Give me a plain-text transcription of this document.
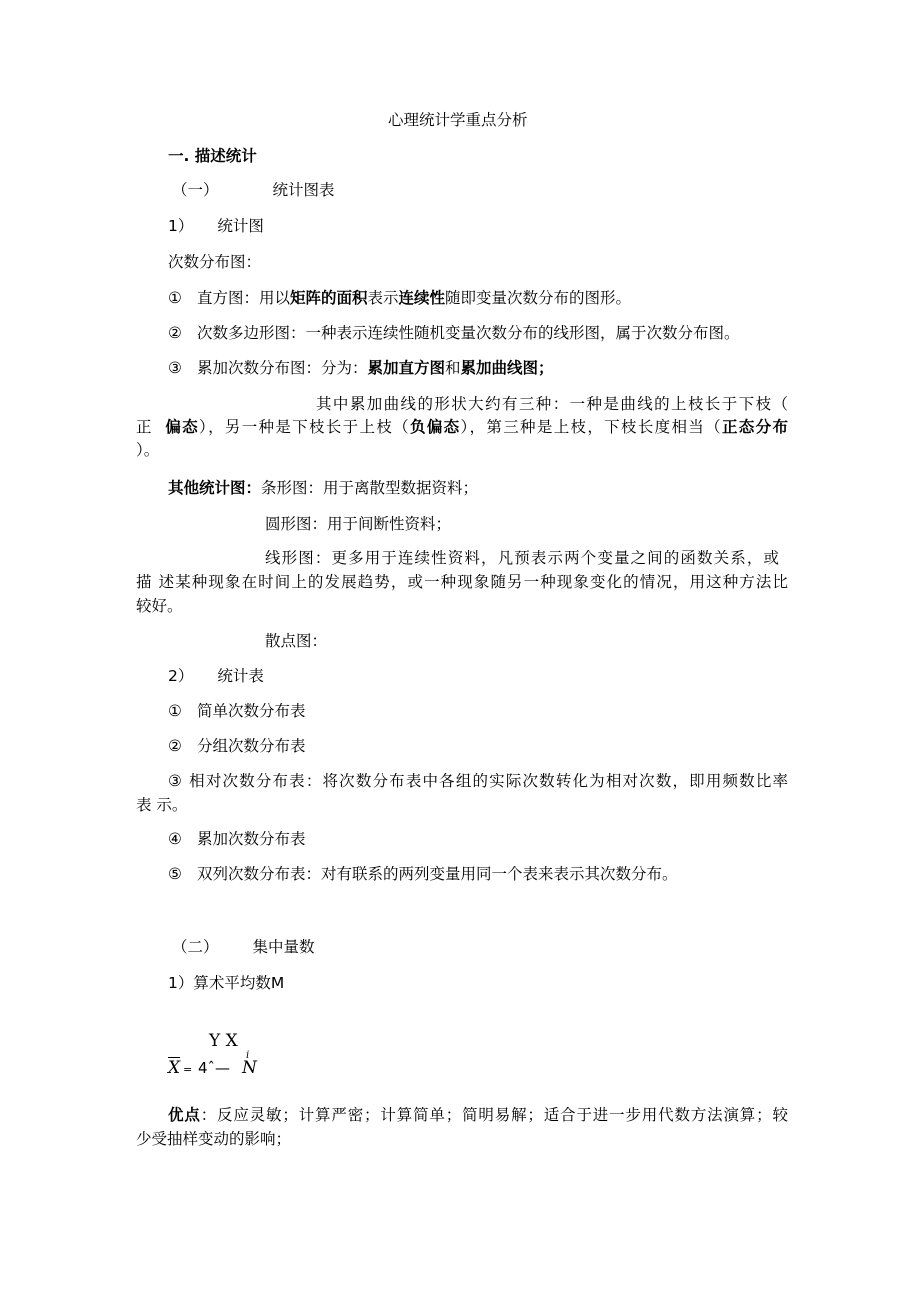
心理统计学重点分析
一. 描述统计
（一）	统计图表
1） 统计图
次数分布图：
① 直方图：用以矩阵的面积表示连续性随即变量次数分布的图形。
② 次数多边形图：一种表示连续性随机变量次数分布的线形图，属于次数分布图。
③ 累加次数分布图：分为：累加直方图和累加曲线图；
其中累加曲线的形状大约有三种：一种是曲线的上枝长于下枝（
正 偏态），另一种是下枝长于上枝（负偏态），第三种是上枝，下枝长度相当（正态分布
）。
其他统计图：条形图：用于离散型数据资料；
圆形图：用于间断性资料；
线形图：更多用于连续性资料，凡预表示两个变量之间的函数关系，或
描 述某种现象在时间上的发展趋势，或一种现象随另一种现象变化的情况，用这种方法比
较好。
散点图：
2） 统计表
① 简单次数分布表
② 分组次数分布表
③ 相对次数分布表：将次数分布表中各组的实际次数转化为相对次数，即用频数比率
表 示。
④ 累加次数分布表
⑤ 双列次数分布表：对有联系的两列变量用同一个表来表示其次数分布。
（二） 集中量数
1）算术平均数M
Y X
$\overline{X}$ = 4ˆ—
i
N
优点：反应灵敏；计算严密；计算简单；简明易解；适合于进一步用代数方法演算；较
少受抽样变动的影响；
